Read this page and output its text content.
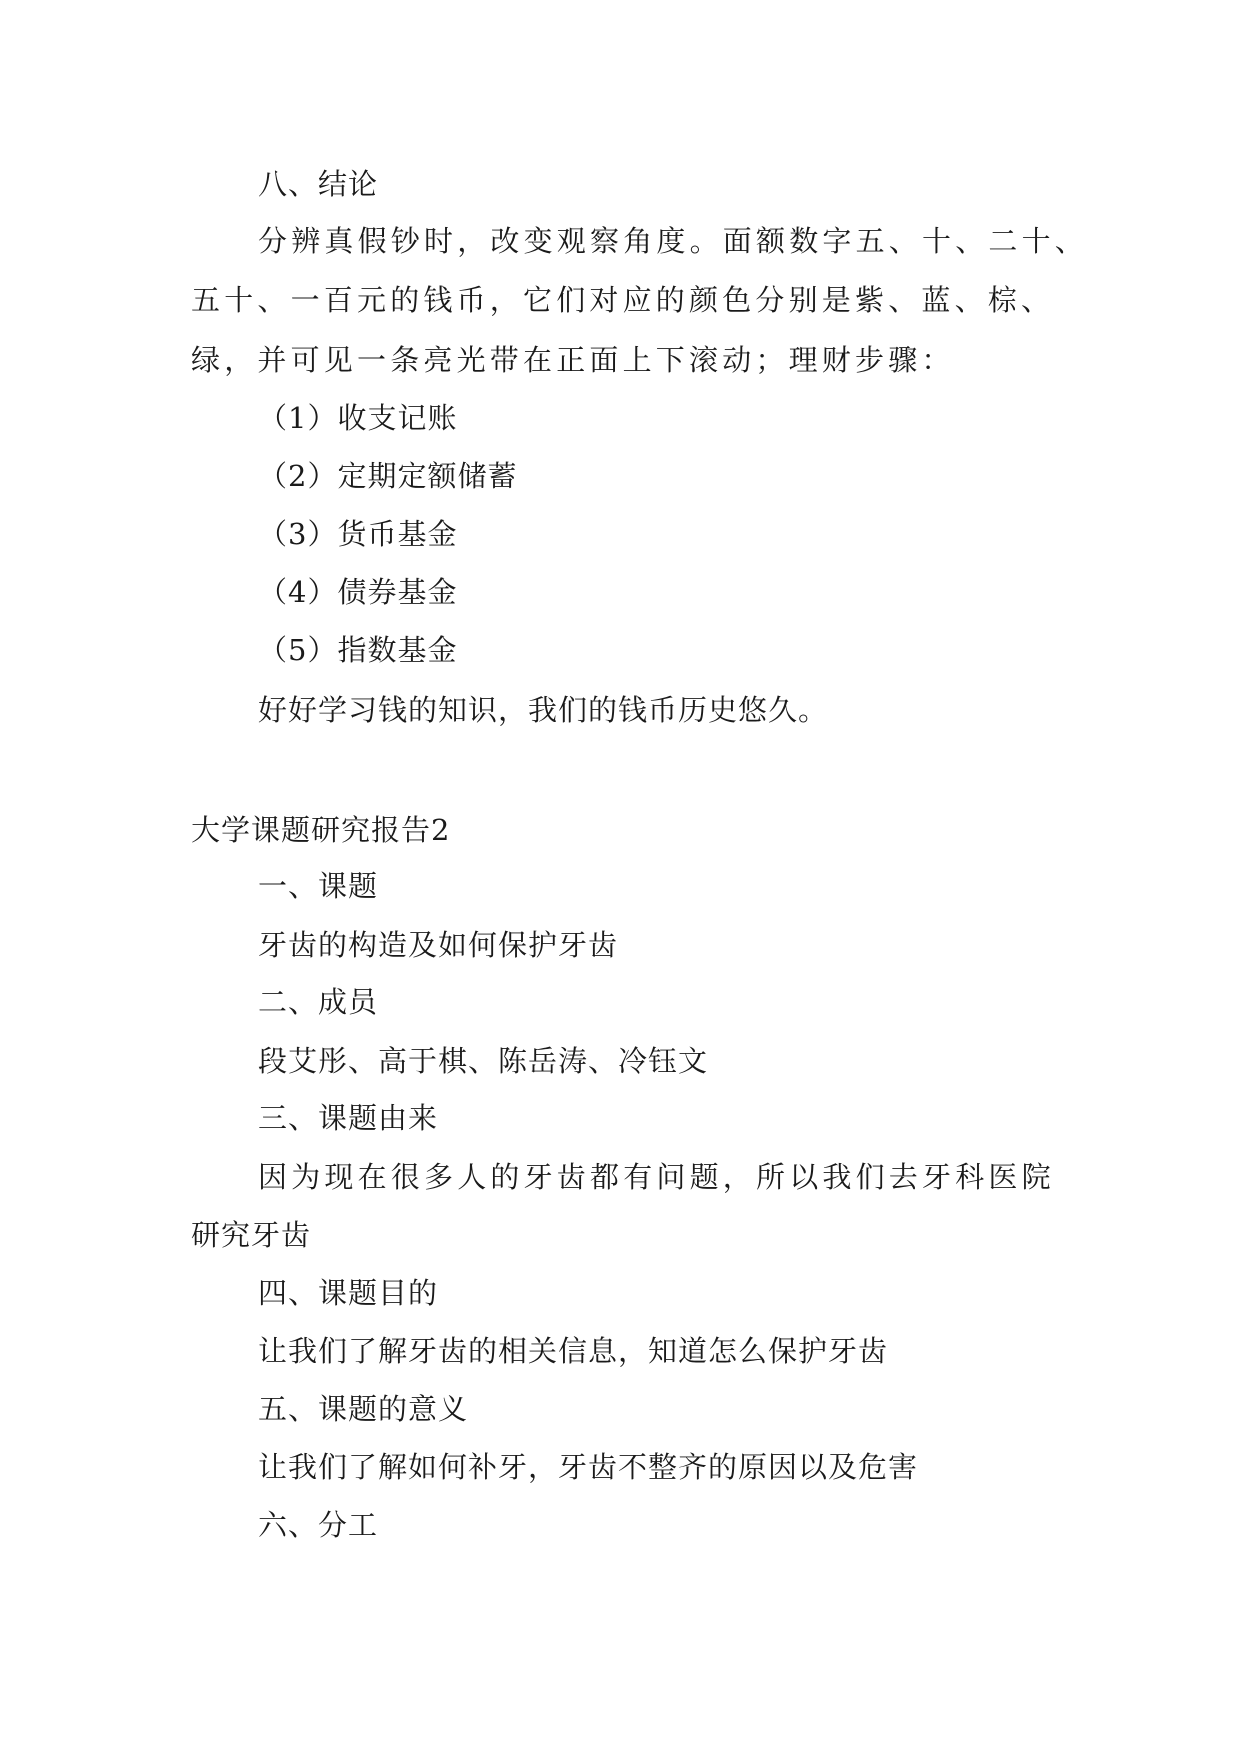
八、结论
分辨真假钞时，改变观察角度。面额数字五、十、二十、
五十、一百元的钱币，它们对应的颜色分别是紫、蓝、棕、
绿，并可见一条亮光带在正面上下滚动；理财步骤：
（1）收支记账
（2）定期定额储蓄
（3）货币基金
（4）债券基金
（5）指数基金
好好学习钱的知识，我们的钱币历史悠久。
大学课题研究报告2
一、课题
牙齿的构造及如何保护牙齿
二、成员
段艾彤、高于棋、陈岳涛、冷钰文
三、课题由来
因为现在很多人的牙齿都有问题，所以我们去牙科医院
研究牙齿
四、课题目的
让我们了解牙齿的相关信息，知道怎么保护牙齿
五、课题的意义
让我们了解如何补牙，牙齿不整齐的原因以及危害
六、分工
